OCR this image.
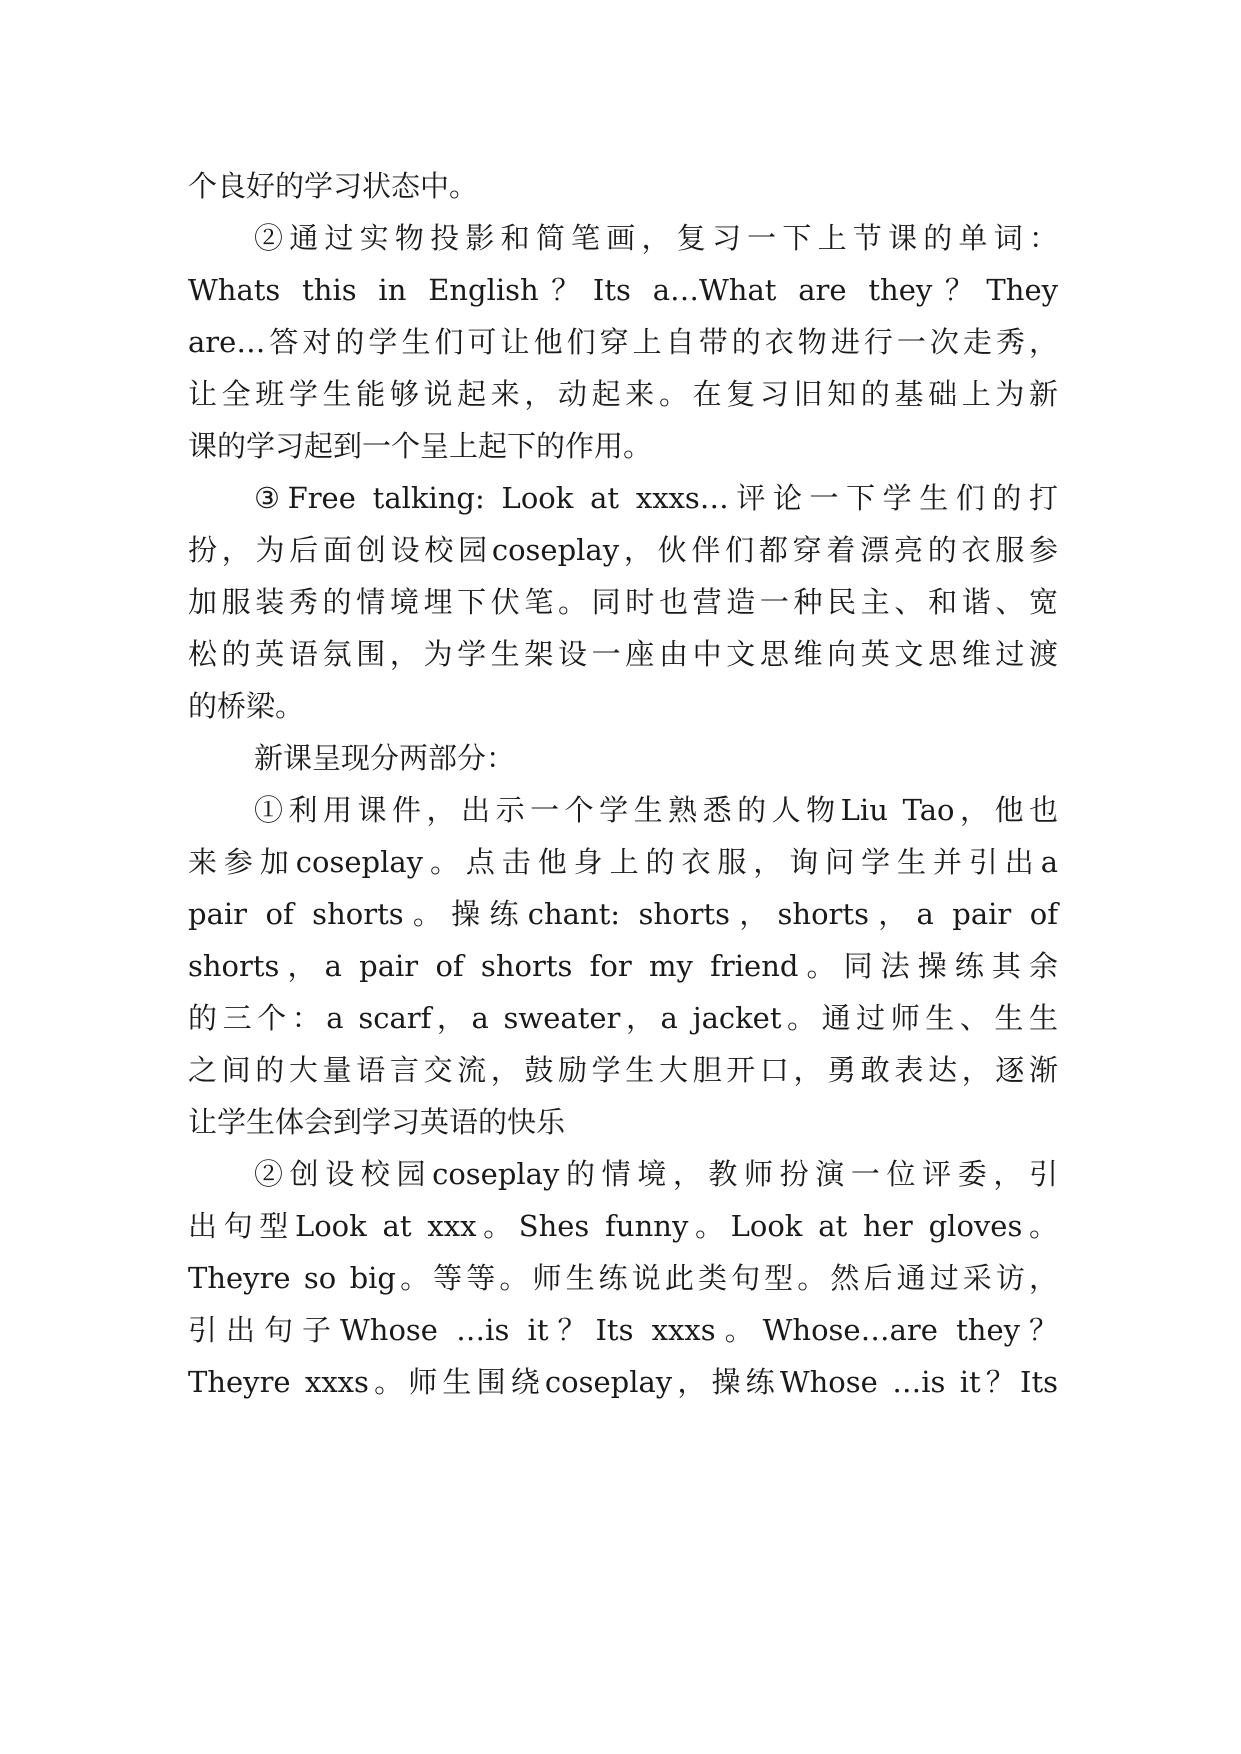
个良好的学习状态中。
②通过实物投影和简笔画，复习一下上节课的单词：
Whats this in English？Its a…What are they？They
are…答对的学生们可让他们穿上自带的衣物进行一次走秀，
让全班学生能够说起来，动起来。在复习旧知的基础上为新
课的学习起到一个呈上起下的作用。
③Free talking: Look at xxxs…评论一下学生们的打
扮，为后面创设校园coseplay，伙伴们都穿着漂亮的衣服参
加服装秀的情境埋下伏笔。同时也营造一种民主、和谐、宽
松的英语氛围，为学生架设一座由中文思维向英文思维过渡
的桥梁。
新课呈现分两部分：
①利用课件，出示一个学生熟悉的人物Liu Tao，他也
来参加coseplay。点击他身上的衣服，询问学生并引出a
pair of shorts。操练chant: shorts，shorts，a pair of
shorts，a pair of shorts for my friend。同法操练其余
的三个：a scarf，a sweater，a jacket。通过师生、生生
之间的大量语言交流，鼓励学生大胆开口，勇敢表达，逐渐
让学生体会到学习英语的快乐
②创设校园coseplay的情境，教师扮演一位评委，引
出句型Look at xxx。Shes funny。Look at her gloves。
Theyre so big。等等。师生练说此类句型。然后通过采访，
引出句子Whose …is it？Its xxxs。Whose…are they？
Theyre xxxs。师生围绕coseplay，操练Whose …is it？Its
